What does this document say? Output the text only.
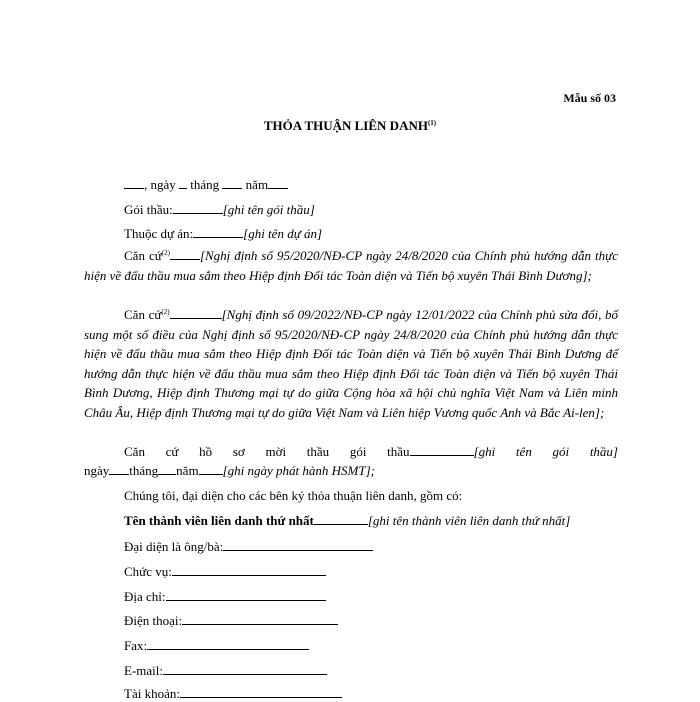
Mẫu số 03
THỎA THUẬN LIÊN DANH$^{(1)}$
, ngày tháng năm
Gói thầu:	[ghi tên gói thầu]
Thuộc dự án:	[ghi tên dự án]
Căn cứ$^{(2)}$ [Nghị định số 95/2020/NĐ-CP ngày 24/8/2020 của Chính phủ hướng dẫn thực hiện về đấu thầu mua sắm theo Hiệp định Đối tác Toàn diện và Tiến bộ xuyên Thái Bình Dương];
Căn cứ$^{(2)}$	[Nghị định số 09/2022/NĐ-CP ngày 12/01/2022 của Chính phủ sửa đổi, bổ sung một số điều của Nghị định số 95/2020/NĐ-CP ngày 24/8/2020 của Chính phủ hướng dẫn thực hiện về đấu thầu mua sắm theo Hiệp định Đối tác Toàn diện và Tiến bộ xuyên Thái Bình Dương để hướng dẫn thực hiện về đấu thầu mua sắm theo Hiệp định Đối tác Toàn diện và Tiến bộ xuyên Thái Bình Dương, Hiệp định Thương mại tự do giữa Cộng hòa xã hội chủ nghĩa Việt Nam và Liên minh Châu Âu, Hiệp định Thương mại tự do giữa Việt Nam và Liên hiệp Vương quốc Anh và Bắc Ai-len];
Căn cứ hồ sơ mời thầu gói thầu	[ghi tên gói thầu]
ngày tháng năm [ghi ngày phát hành HSMT];
Chúng tôi, đại diện cho các bên ký thỏa thuận liên danh, gồm có:
Tên thành viên liên danh thứ nhất	[ghi tên thành viên liên danh thứ nhất]
Đại diện là ông/bà:
Chức vụ:
Địa chỉ:
Điện thoại:
Fax:
E-mail:
Tài khoản:
